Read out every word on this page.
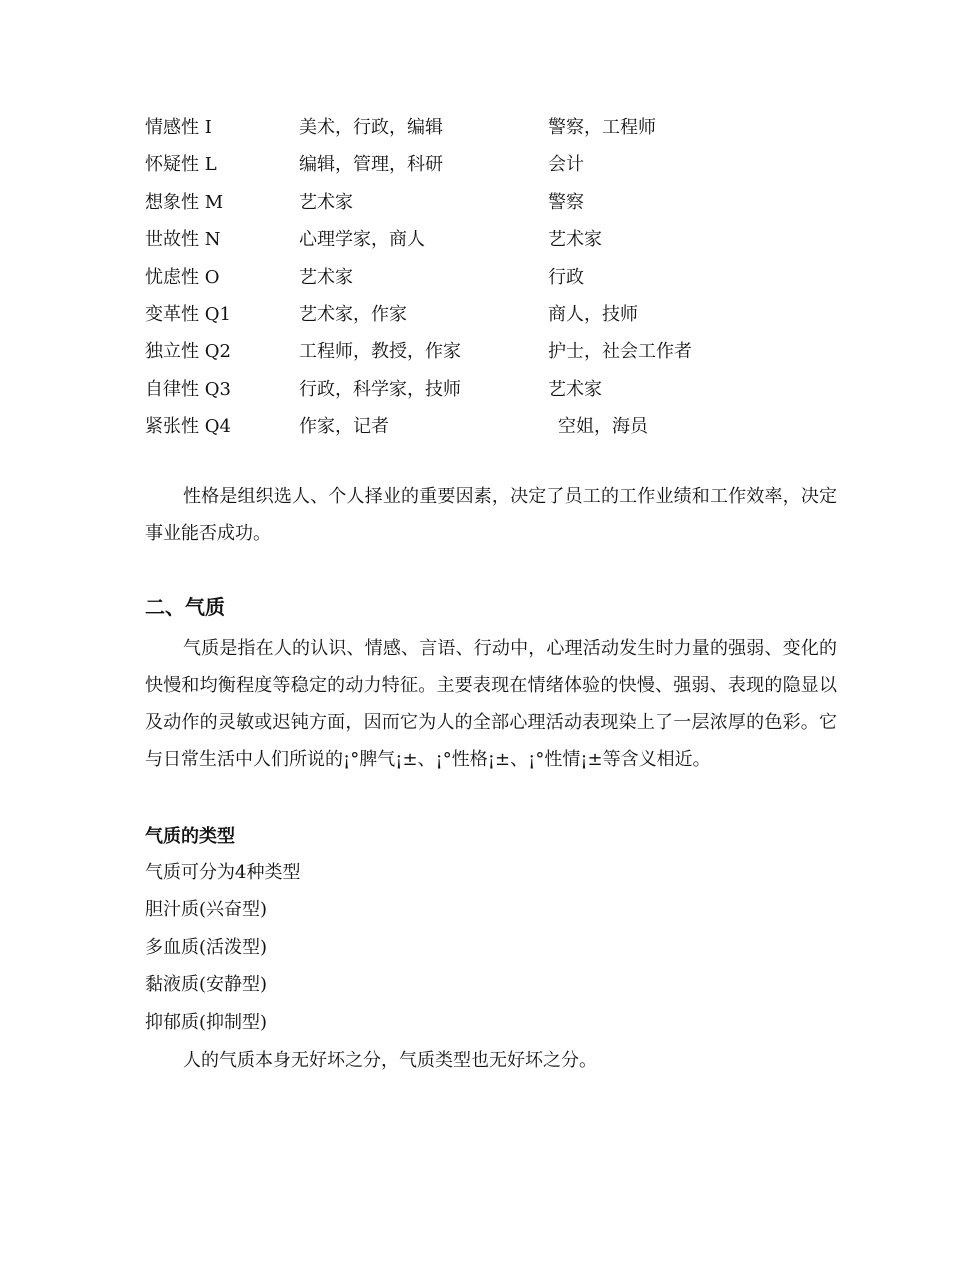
情感性 I	美术，行政，编辑	警察，工程师
怀疑性 L	编辑，管理，科研	会计
想象性 M	艺术家	警察
世故性 N	心理学家，商人	艺术家
忧虑性 O	艺术家	行政
变革性 Q1	艺术家，作家	商人，技师
独立性 Q2	工程师，教授，作家	护士，社会工作者
自律性 Q3	行政，科学家，技师	艺术家
紧张性 Q4	作家，记者	空姐，海员

性格是组织选人、个人择业的重要因素，决定了员工的工作业绩和工作效率，决定事业能否成功。

二、气质

气质是指在人的认识、情感、言语、行动中，心理活动发生时力量的强弱、变化的快慢和均衡程度等稳定的动力特征。主要表现在情绪体验的快慢、强弱、表现的隐显以及动作的灵敏或迟钝方面，因而它为人的全部心理活动表现染上了一层浓厚的色彩。它与日常生活中人们所说的¡°脾气¡±、¡°性格¡±、¡°性情¡±等含义相近。

气质的类型
气质可分为4种类型
胆汁质(兴奋型)
多血质(活泼型)
黏液质(安静型)
抑郁质(抑制型)

人的气质本身无好坏之分，气质类型也无好坏之分。
